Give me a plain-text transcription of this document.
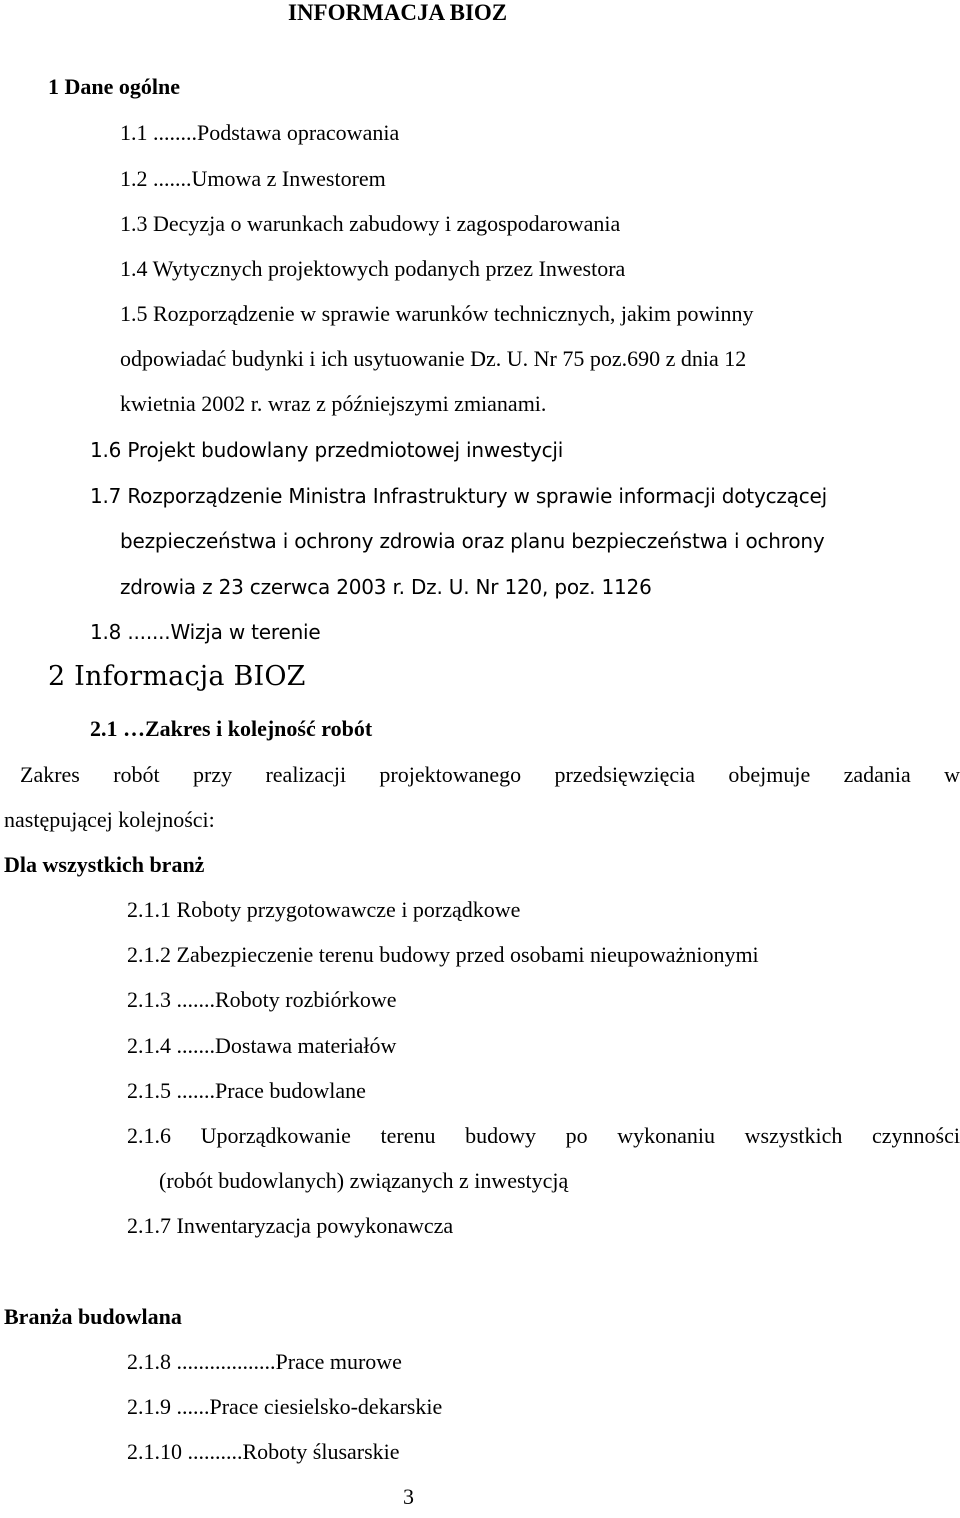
INFORMACJA BIOZ
1 Dane ogólne
1.1 ........Podstawa opracowania
1.2 .......Umowa z Inwestorem
1.3 Decyzja o warunkach zabudowy i zagospodarowania
1.4 Wytycznych projektowych podanych przez Inwestora
1.5 Rozporządzenie w sprawie warunków technicznych, jakim powinny
odpowiadać budynki i ich usytuowanie Dz. U. Nr 75 poz.690 z dnia 12
kwietnia 2002 r. wraz z późniejszymi zmianami.
1.6 Projekt budowlany przedmiotowej inwestycji
1.7 Rozporządzenie Ministra Infrastruktury w sprawie informacji dotyczącej
bezpieczeństwa i ochrony zdrowia oraz planu bezpieczeństwa i ochrony
zdrowia z 23 czerwca 2003 r. Dz. U. Nr 120, poz. 1126
1.8 .......Wizja w terenie
2 Informacja BIOZ
2.1 …Zakres i kolejność robót
Zakres robót przy realizacji projektowanego przedsięwzięcia obejmuje zadania w
następującej kolejności:
Dla wszystkich branż
2.1.1 Roboty przygotowawcze i porządkowe
2.1.2 Zabezpieczenie terenu budowy przed osobami nieupoważnionymi
2.1.3 .......Roboty rozbiórkowe
2.1.4 .......Dostawa materiałów
2.1.5 .......Prace budowlane
2.1.6 Uporządkowanie terenu budowy po wykonaniu wszystkich czynności
(robót budowlanych) związanych z inwestycją
2.1.7 Inwentaryzacja powykonawcza
Branża budowlana
2.1.8 ..................Prace murowe
2.1.9 ......Prace ciesielsko-dekarskie
2.1.10 ..........Roboty ślusarskie
3
